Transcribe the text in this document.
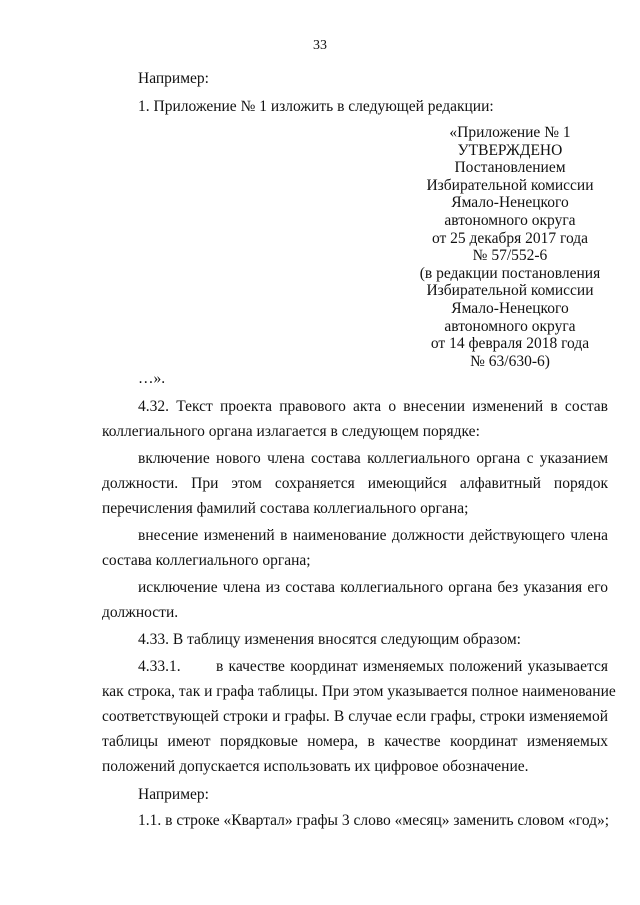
33
Например:
1. Приложение № 1 изложить в следующей редакции:
«Приложение № 1
УТВЕРЖДЕНО
Постановлением
Избирательной комиссии
Ямало-Ненецкого
автономного округа
от 25 декабря 2017 года
№ 57/552-6
(в редакции постановления
Избирательной комиссии
Ямало-Ненецкого
автономного округа
от 14 февраля 2018 года
№ 63/630-6)
…».
4.32. Текст проекта правового акта о внесении изменений в состав
коллегиального органа излагается в следующем порядке:
включение нового члена состава коллегиального органа с указанием
должности. При этом сохраняется имеющийся алфавитный порядок
перечисления фамилий состава коллегиального органа;
внесение изменений в наименование должности действующего члена
состава коллегиального органа;
исключение члена из состава коллегиального органа без указания его
должности.
4.33. В таблицу изменения вносятся следующим образом:
4.33.1. в качестве координат изменяемых положений указывается
как строка, так и графа таблицы. При этом указывается полное наименование
соответствующей строки и графы. В случае если графы, строки изменяемой
таблицы имеют порядковые номера, в качестве координат изменяемых
положений допускается использовать их цифровое обозначение.
Например:
1.1. в строке «Квартал» графы 3 слово «месяц» заменить словом «год»;
